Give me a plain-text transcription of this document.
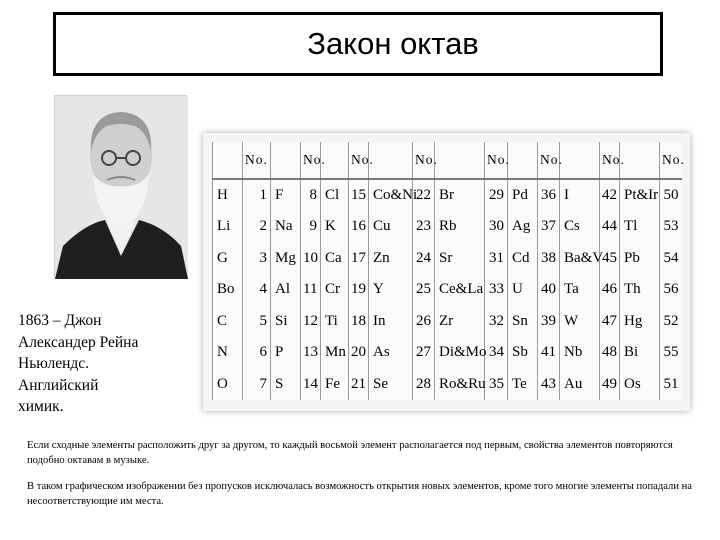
Закон октав
1863 – Джон
Александер Рейна
Ньюлендс.
Английский
химик.
	No.		No.		No.		No.		No.		No.		No.		No.
H	1	F	8	Cl	15	Co&Ni	22	Br	29	Pd	36	I	42	Pt&Ir	50
Li	2	Na	9	K	16	Cu	23	Rb	30	Ag	37	Cs	44	Tl	53
G	3	Mg	10	Ca	17	Zn	24	Sr	31	Cd	38	Ba&V	45	Pb	54
Bo	4	Al	11	Cr	19	Y	25	Ce&La	33	U	40	Ta	46	Th	56
C	5	Si	12	Ti	18	In	26	Zr	32	Sn	39	W	47	Hg	52
N	6	P	13	Mn	20	As	27	Di&Mo	34	Sb	41	Nb	48	Bi	55
O	7	S	14	Fe	21	Se	28	Ro&Ru	35	Te	43	Au	49	Os	51

Если сходные элементы расположить друг за другом, то каждый восьмой элемент располагается под первым, свойства элементов повторяются подобно октавам в музыке.

В таком графическом изображении без пропусков исключалась возможность открытия новых элементов, кроме того многие элементы попадали на несоответствующие им места.
